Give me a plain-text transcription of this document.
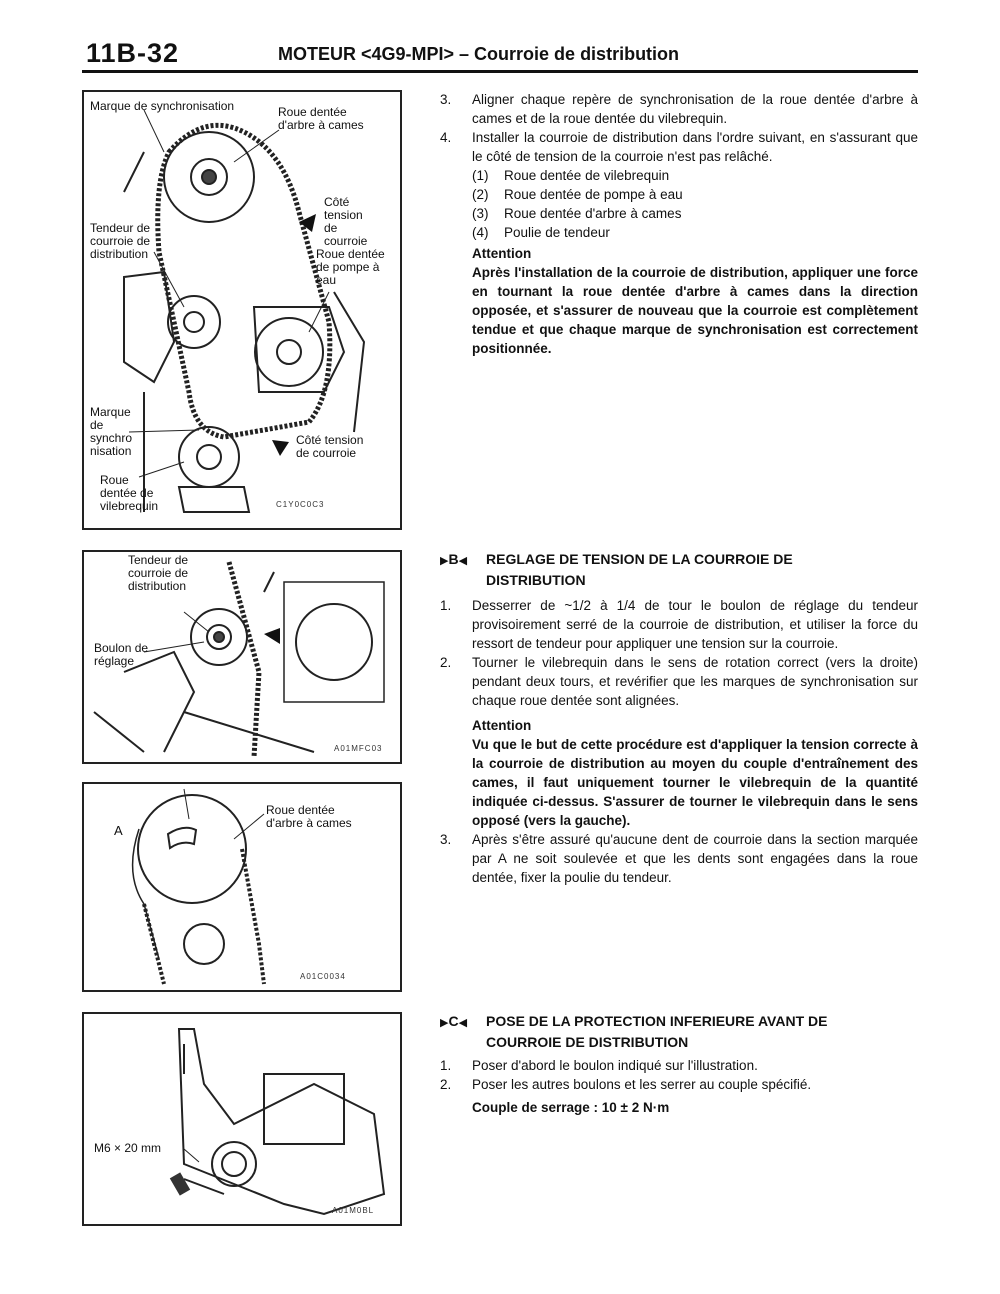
11B-32	MOTEUR <4G9-MPI> – Courroie de distribution
Marque de synchronisation	Roue dentée
d'arbre à cames
Côté
tension
de
courroie
Roue dentée
de pompe à
eau
Tendeur de
courroie de
distribution
Marque
de
synchro
nisation
Côté tension
de courroie
Roue
dentée de
vilebrequin	C1Y0C0C3
Tendeur de
courroie de
distribution
Boulon de
réglage
A01MFC03
A
Roue dentée
d'arbre à cames
A01C0034
M6 × 20 mm
A01M0BL
3. Aligner chaque repère de synchronisation de la roue dentée d'arbre à cames et de la roue dentée du vilebrequin.
4. Installer la courroie de distribution dans l'ordre suivant, en s'assurant que le côté de tension de la courroie n'est pas relâché.
(1) Roue dentée de vilebrequin
(2) Roue dentée de pompe à eau
(3) Roue dentée d'arbre à cames
(4) Poulie de tendeur
Attention
Après l'installation de la courroie de distribution, appliquer une force en tournant la roue dentée d'arbre à cames dans la direction opposée, et s'assurer de nouveau que la courroie est complètement tendue et que chaque marque de synchronisation est correctement positionnée.
▶B◀ REGLAGE DE TENSION DE LA COURROIE DE
DISTRIBUTION
1. Desserrer de ~1/2 à 1/4 de tour le boulon de réglage du tendeur provisoirement serré de la courroie de distribution, et utiliser la force du ressort de tendeur pour appliquer une tension sur la courroie.
2. Tourner le vilebrequin dans le sens de rotation correct (vers la droite) pendant deux tours, et revérifier que les marques de synchronisation sur chaque roue dentée sont alignées.
Attention
Vu que le but de cette procédure est d'appliquer la tension correcte à la courroie de distribution au moyen du couple d'entraînement des cames, il faut uniquement tourner le vilebrequin de la quantité indiquée ci-dessus. S'assurer de tourner le vilebrequin dans le sens opposé (vers la gauche).
3. Après s'être assuré qu'aucune dent de courroie dans la section marquée par A ne soit soulevée et que les dents sont engagées dans la roue dentée, fixer la poulie du tendeur.
▶C◀ POSE DE LA PROTECTION INFERIEURE AVANT DE
COURROIE DE DISTRIBUTION
1. Poser d'abord le boulon indiqué sur l'illustration.
2. Poser les autres boulons et les serrer au couple spécifié.
Couple de serrage : 10 ± 2 N·m
